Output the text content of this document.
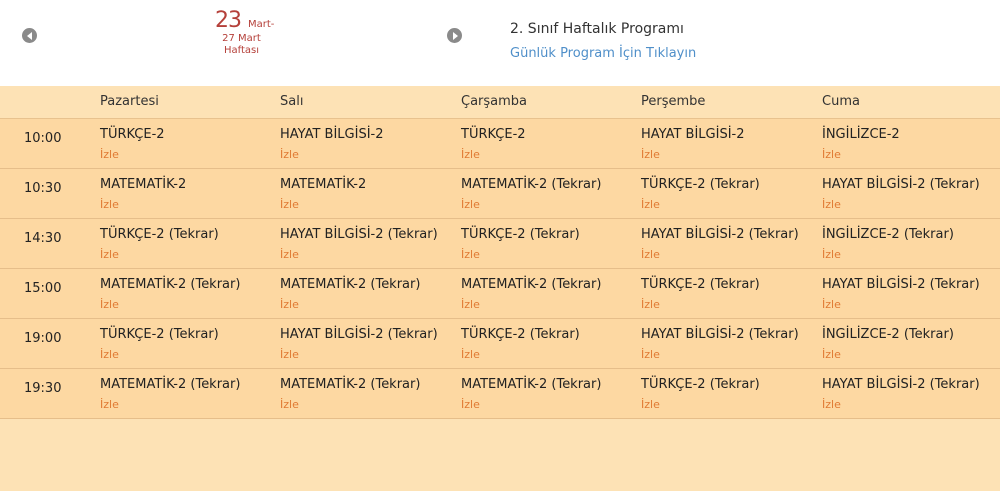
23 Mart-
27 Mart
Haftası
2. Sınıf Haftalık Programı
Günlük Program İçin Tıklayın
Pazartesi	Salı	Çarşamba	Perşembe	Cuma
10:00	TÜRKÇE-2
İzle
HAYAT BİLGİSİ-2
İzle
TÜRKÇE-2
İzle
HAYAT BİLGİSİ-2
İzle
İNGİLİZCE-2
İzle
10:30	MATEMATİK-2
İzle
MATEMATİK-2
İzle
MATEMATİK-2 (Tekrar)
İzle
TÜRKÇE-2 (Tekrar)
İzle
HAYAT BİLGİSİ-2 (Tekrar)
İzle
14:30	TÜRKÇE-2 (Tekrar)
İzle
HAYAT BİLGİSİ-2 (Tekrar)
İzle
TÜRKÇE-2 (Tekrar)
İzle
HAYAT BİLGİSİ-2 (Tekrar)
İzle
İNGİLİZCE-2 (Tekrar)
İzle
15:00	MATEMATİK-2 (Tekrar)
İzle
MATEMATİK-2 (Tekrar)
İzle
MATEMATİK-2 (Tekrar)
İzle
TÜRKÇE-2 (Tekrar)
İzle
HAYAT BİLGİSİ-2 (Tekrar)
İzle
19:00	TÜRKÇE-2 (Tekrar)
İzle
HAYAT BİLGİSİ-2 (Tekrar)
İzle
TÜRKÇE-2 (Tekrar)
İzle
HAYAT BİLGİSİ-2 (Tekrar)
İzle
İNGİLİZCE-2 (Tekrar)
İzle
19:30	MATEMATİK-2 (Tekrar)
İzle
MATEMATİK-2 (Tekrar)
İzle
MATEMATİK-2 (Tekrar)
İzle
TÜRKÇE-2 (Tekrar)
İzle
HAYAT BİLGİSİ-2 (Tekrar)
İzle
